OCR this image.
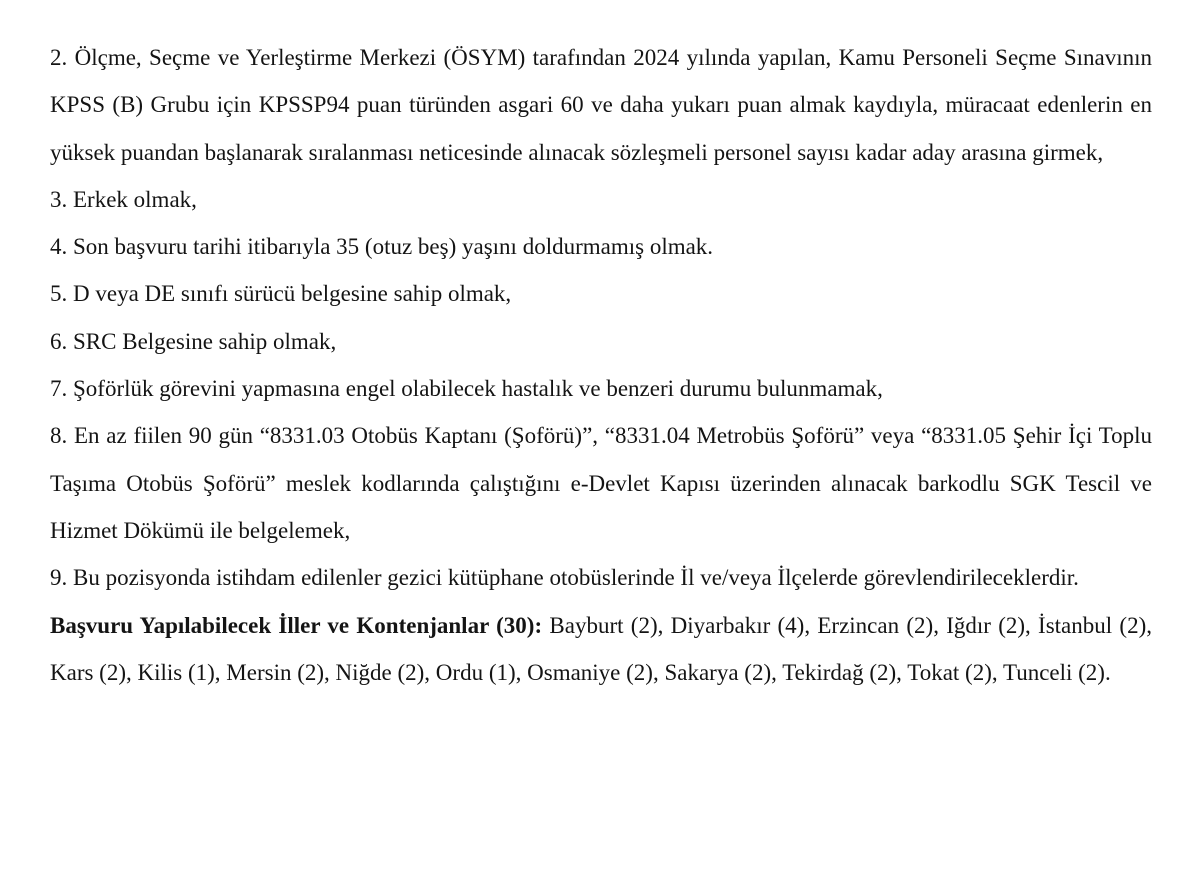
2. Ölçme, Seçme ve Yerleştirme Merkezi (ÖSYM) tarafından 2024 yılında yapılan, Kamu Personeli Seçme Sınavının KPSS (B) Grubu için KPSSP94 puan türünden asgari 60 ve daha yukarı puan almak kaydıyla, müracaat edenlerin en yüksek puandan başlanarak sıralanması neticesinde alınacak sözleşmeli personel sayısı kadar aday arasına girmek,

3. Erkek olmak,

4. Son başvuru tarihi itibarıyla 35 (otuz beş) yaşını doldurmamış olmak.

5. D veya DE sınıfı sürücü belgesine sahip olmak,

6. SRC Belgesine sahip olmak,

7. Şoförlük görevini yapmasına engel olabilecek hastalık ve benzeri durumu bulunmamak,

8. En az fiilen 90 gün “8331.03 Otobüs Kaptanı (Şoförü)”, “8331.04 Metrobüs Şoförü” veya “8331.05 Şehir İçi Toplu Taşıma Otobüs Şoförü” meslek kodlarında çalıştığını e-Devlet Kapısı üzerinden alınacak barkodlu SGK Tescil ve Hizmet Dökümü ile belgelemek,

9. Bu pozisyonda istihdam edilenler gezici kütüphane otobüslerinde İl ve/veya İlçelerde görevlendirileceklerdir.

Başvuru Yapılabilecek İller ve Kontenjanlar (30): Bayburt (2), Diyarbakır (4), Erzincan (2), Iğdır (2), İstanbul (2), Kars (2), Kilis (1), Mersin (2), Niğde (2), Ordu (1), Osmaniye (2), Sakarya (2), Tekirdağ (2), Tokat (2), Tunceli (2).
